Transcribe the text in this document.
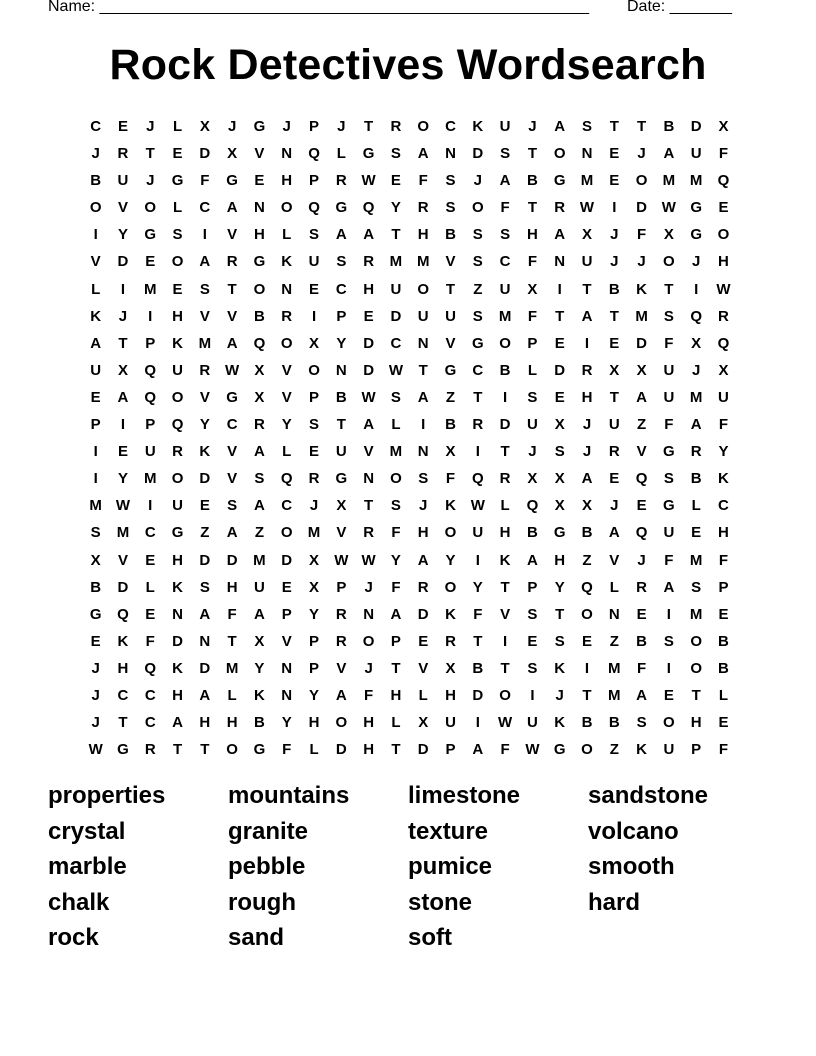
Name: _______________________________________________________ Date: _______
Rock Detectives Wordsearch
C	E	J	L	X	J	G	J	P	J	T	R	O	C	K	U	J	A	S	T	T	B	D	X
J	R	T	E	D	X	V	N	Q	L	G	S	A	N	D	S	T	O	N	E	J	A	U	F
B	U	J	G	F	G	E	H	P	R W	E	F	S	J	A	B	G	M	E	O	M M	Q
O	V	O	L	C	A	N	O	Q	G	Q	Y	R	S	O	F	T	R W	I	D W G	E
I	Y	G	S	I	V	H	L	S	A	A	T	H	B	S	S	H	A	X	J	F	X	G	O
V	D	E	O	A	R	G	K	U	S	R	M M	V	S	C	F	N	U	J	J	O	J	H
L	I	M	E	S	T	O	N	E	C	H	U	O	T	Z	U	X	I	T	B	K	T	I	W
K	J	I	H	V	V	B	R	I	P	E	D	U	U	S	M	F	T	A	T	M	S	Q	R
A	T	P	K	M	A	Q	O	X	Y	D	C	N	V	G	O	P	E	I	E	D	F	X	Q
U	X	Q	U	R W	X	V	O	N	D W	T	G	C	B	L	D	R	X	X	U	J	X
E	A	Q	O	V	G	X	V	P	B W	S	A	Z	T	I	S	E	H	T	A	U	M	U
P	I	P	Q	Y	C	R	Y	S	T	A	L	I	B	R	D	U	X	J	U	Z	F	A	F
I	E	U	R	K	V	A	L	E	U	V	M	N	X	I	T	J	S	J	R	V	G	R	Y
I	Y	M	O	D	V	S	Q	R	G	N	O	S	F	Q	R	X	X	A	E	Q	S	B	K
M W	I	U	E	S	A	C	J	X	T	S	J	K W	L	Q	X	X	J	E	G	L	C
S	M	C	G	Z	A	Z	O	M	V	R	F	H	O	U	H	B	G	B	A	Q	U	E	H
X	V	E	H	D	D	M	D	X	W W	Y	A	Y	I	K	A	H	Z	V	J	F	M	F
B	D	L	K	S	H	U	E	X	P	J	F	R	O	Y	T	P	Y	Q	L	R	A	S	P
G	Q	E	N	A	F	A	P	Y	R	N	A	D	K	F	V	S	T	O	N	E	I	M	E
E	K	F	D	N	T	X	V	P	R	O	P	E	R	T	I	E	S	E	Z	B	S	O	B
J	H	Q	K	D	M	Y	N	P	V	J	T	V	X	B	T	S	K	I	M	F	I	O	B
J	C	C	H	A	L	K	N	Y	A	F	H	L	H	D	O	I	J	T	M	A	E	T	L
J	T	C	A	H	H	B	Y	H	O	H	L	X	U	I	W U	K	B	B	S	O	H	E
W G	R	T	T	O	G	F	L	D	H	T	D	P	A	F	W G	O	Z	K	U	P	F
properties	mountains	limestone	sandstone
crystal	granite	texture	volcano
marble	pebble	pumice	smooth
chalk	rough	stone	hard
rock	sand	soft
